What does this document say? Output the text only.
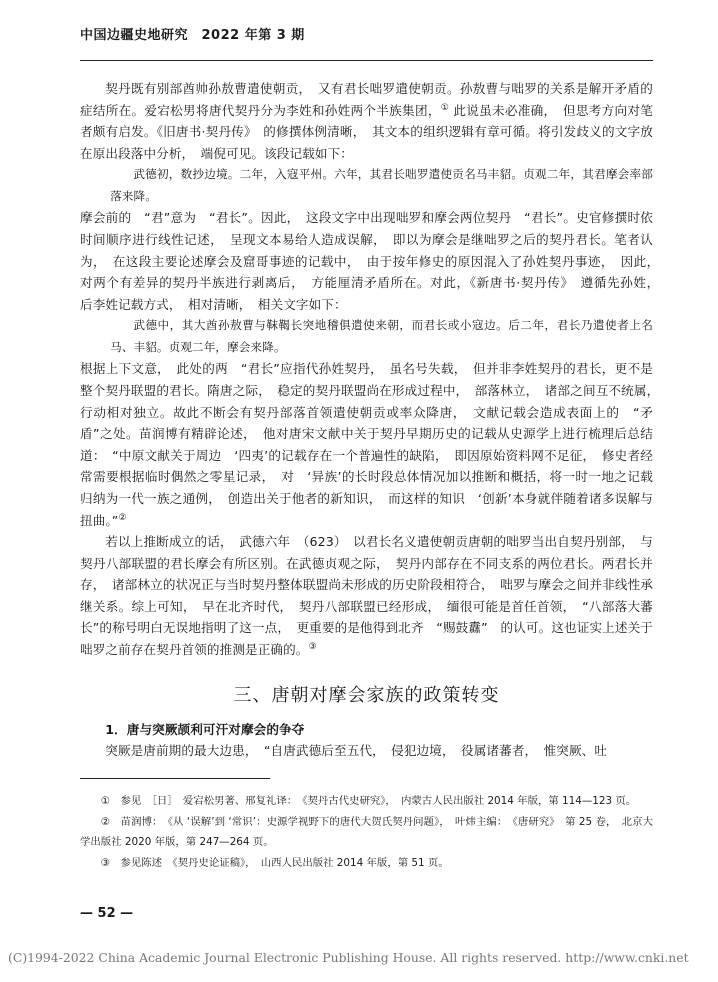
中国边疆史地研究　2022 年第 3 期

契丹既有别部酋帅孙敖曹遣使朝贡，　又有君长咄罗遣使朝贡。孙敖曹与咄罗的关系是解开矛盾的症结所在。爱宕松男将唐代契丹分为李姓和孙姓两个半族集团，① 此说虽未必准确，　但思考方向对笔者颇有启发。《旧唐书·契丹传》　的修撰体例清晰，　其文本的组织逻辑有章可循。将引发歧义的文字放在原出段落中分析，　端倪可见。该段记载如下：

武德初，数抄边境。二年，入寇平州。六年，其君长咄罗遣使贡名马丰貂。贞观二年，其君摩会率部落来降。

摩会前的　“君”意为　“君长”。因此，　这段文字中出现咄罗和摩会两位契丹　“君长”。史官修撰时依时间顺序进行线性记述，　呈现文本易给人造成误解，　即以为摩会是继咄罗之后的契丹君长。笔者认为，　在这段主要论述摩会及窟哥事迹的记载中，　由于按年修史的原因混入了孙姓契丹事迹，　因此，　对两个有差异的契丹半族进行剥离后，　方能厘清矛盾所在。对此，《新唐书·契丹传》　遵循先孙姓，　后李姓记载方式，　相对清晰，　相关文字如下：

武德中，其大酋孙敖曹与靺鞨长突地稽俱遣使来朝，而君长或小寇边。后二年，君长乃遣使者上名马、丰貂。贞观二年，摩会来降。

根据上下文意，　此处的两　“君长”应指代孙姓契丹，　虽名号失载，　但并非李姓契丹的君长，更不是整个契丹联盟的君长。隋唐之际，　稳定的契丹联盟尚在形成过程中，　部落林立，　诸部之间互不统属，　行动相对独立。故此不断会有契丹部落首领遣使朝贡或率众降唐，　文献记载会造成表面上的　“矛盾”之处。苗润博有精辟论述，　他对唐宋文献中关于契丹早期历史的记载从史源学上进行梳理后总结道：　“中原文献关于周边　‘四夷’的记载存在一个普遍性的缺陷，　即因原始资料网不足征，　修史者经常需要根据临时偶然之零星记录，　对　‘异族’的长时段总体情况加以推断和概括，将一时一地之记载归纳为一代一族之通例，　创造出关于他者的新知识，　而这样的知识　‘创新’本身就伴随着诸多误解与扭曲。”②

若以上推断成立的话，　武德六年　（623）　以君长名义遣使朝贡唐朝的咄罗当出自契丹别部，　与契丹八部联盟的君长摩会有所区别。在武德贞观之际，　契丹内部存在不同支系的两位君长。两君长并存，　诸部林立的状况正与当时契丹整体联盟尚未形成的历史阶段相符合，　咄罗与摩会之间并非线性承继关系。综上可知，　早在北齐时代，　契丹八部联盟已经形成，　缅很可能是首任首领，　“八部落大蕃长”的称号明白无误地指明了这一点，　更重要的是他得到北齐　“赐鼓纛”　的认可。这也证实上述关于咄罗之前存在契丹首领的推测是正确的。③

三、唐朝对摩会家族的政策转变

1．唐与突厥颉利可汗对摩会的争夺

突厥是唐前期的最大边患，　“自唐武德后至五代，　侵犯边境，　役属诸蕃者，　惟突厥、吐

①　参见　［日］　爱宕松男著、邢复礼译：　《契丹古代史研究》，　内蒙古人民出版社 2014 年版，第 114—123 页。

②　苗润博：　《从 ‘误解’到 ‘常识’：史源学视野下的唐代大贺氏契丹问题》，　叶炜主编：　《唐研究》　第 25 卷，　北京大学出版社 2020 年版，第 247—264 页。

③　参见陈述　《契丹史论证稿》，　山西人民出版社 2014 年版，第 51 页。

— 52 —
(C)1994-2022 China Academic Journal Electronic Publishing House. All rights reserved. http://www.cnki.net
